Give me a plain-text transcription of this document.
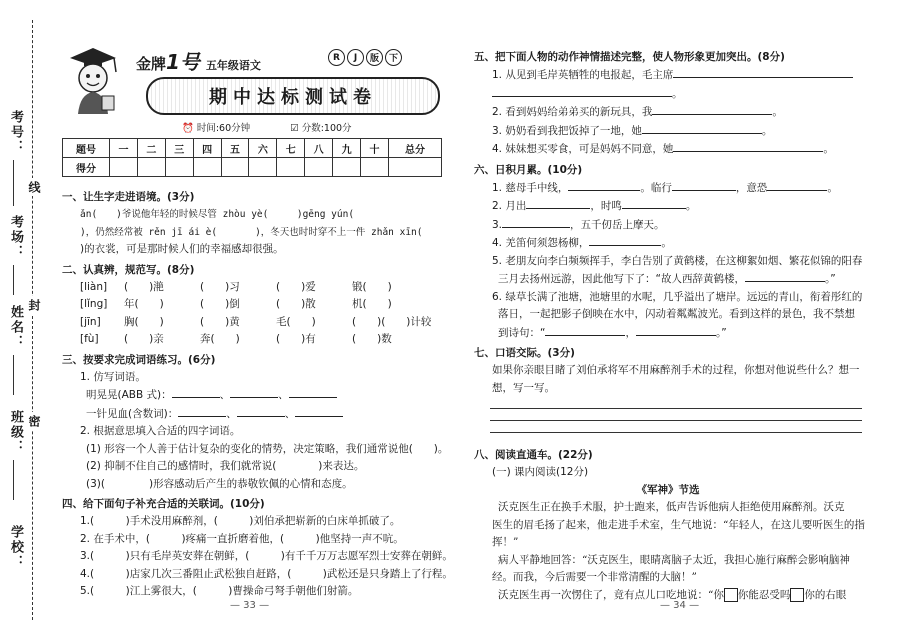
考号：
考场：
姓名：
班级：
学校：
线
封
密
金牌1号 五年级语文
R	J	版	下
期中达标测试卷
⏰ 时间:60分钟	☑ 分数:100分
题号	一	二	三	四	五	六	七	八	九	十	总分
得分											
一、让生字走进语境。(3分)

ǎn(　　)爷说他年轻的时候尽管 zhòu yè(　　　)gēng yún(

)，仍然经常被 rěn jī ái è(　　　　)，冬天也时时穿不上一件 zhǎn xīn(

)的衣裳，可是那时候人们的幸福感却很强。

二、认真辨，规范写。(8分)

[liàn] (　　)滟	(　　)习	(　　)爱	锻(　　)

[lǐng] 年(　　)	(　　)倒	(　　)散	机(　　)

[jīn] 胸(　　)	(　　)黄	毛(　　)	(　　)(　　)计较

[fù] (　　)亲	奔(　　)	(　　)有	(　　)数

三、按要求完成词语练习。(6分)

1. 仿写词语。

明晃晃(ABB 式)：	、	、

一针见血(含数词)：	、	、

2. 根据意思填入合适的四字词语。

(1) 形容一个人善于估计复杂的变化的情势，决定策略，我们通常说他(　　)。

(2) 抑制不住自己的感情时，我们就常说(　　　　)来表达。

(3)(	)形容感动后产生的恭敬钦佩的心情和态度。

四、给下面句子补充合适的关联词。(10分)

1.(　　　)手术没用麻醉剂，(　　　)刘伯承把崭新的白床单抓破了。

2. 在手术中，(　　　)疼痛一直折磨着他，(　　　)他坚持一声不吭。

3.(　　　)只有毛岸英安葬在朝鲜，(　　　)有千千万万志愿军烈士安葬在朝鲜。

4.(　　　)店家几次三番阻止武松独自赶路，(　　　)武松还是只身踏上了行程。

5.(　　　)江上雾很大，(　　　)曹操命弓弩手朝他们射箭。

— 33 —
五、把下面人物的动作神情描述完整，使人物形象更加突出。(8分)

1. 从见到毛岸英牺牲的电报起，毛主席

。

2. 看到妈妈给弟弟买的新玩具，我	。

3. 奶奶看到我把饭掉了一地，她	。

4. 妹妹想买零食，可是妈妈不同意，她	。

六、日积月累。(10分)

1. 慈母手中线，	。临行	，意恐	。

2. 月出	，时鸣	。

3.	，五千仞岳上摩天。

4. 羌笛何须怨杨柳，	。

5. 老朋友向李白频频挥手，李白告别了黄鹤楼，在这柳絮如烟、繁花似锦的阳春

三月去扬州远游，因此他写下了：“故人西辞黄鹤楼，	。”

6. 绿草长满了池塘，池塘里的水呢，几乎溢出了塘岸。远远的青山，衔着彤红的

落日，一起把影子倒映在水中，闪动着粼粼波光。看到这样的景色，我不禁想

到诗句：“	，	。”

七、口语交际。(3分)

如果你亲眼目睹了刘伯承将军不用麻醉剂手术的过程，你想对他说些什么？想一

想，写一写。

八、阅读直通车。(22分)

(一) 课内阅读(12分)

《军神》节选

沃克医生正在换手术服，护士跑来，低声告诉他病人拒绝使用麻醉剂。沃克

医生的眉毛扬了起来，他走进手术室，生气地说：“年轻人，在这儿要听医生的指

挥！”

病人平静地回答：“沃克医生，眼睛离脑子太近，我担心施行麻醉会影响脑神

经。而我，今后需要一个非常清醒的大脑！”

沃克医生再一次愣住了，竟有点儿口吃地说：“你 你能忍受吗 你的右眼

— 34 —
